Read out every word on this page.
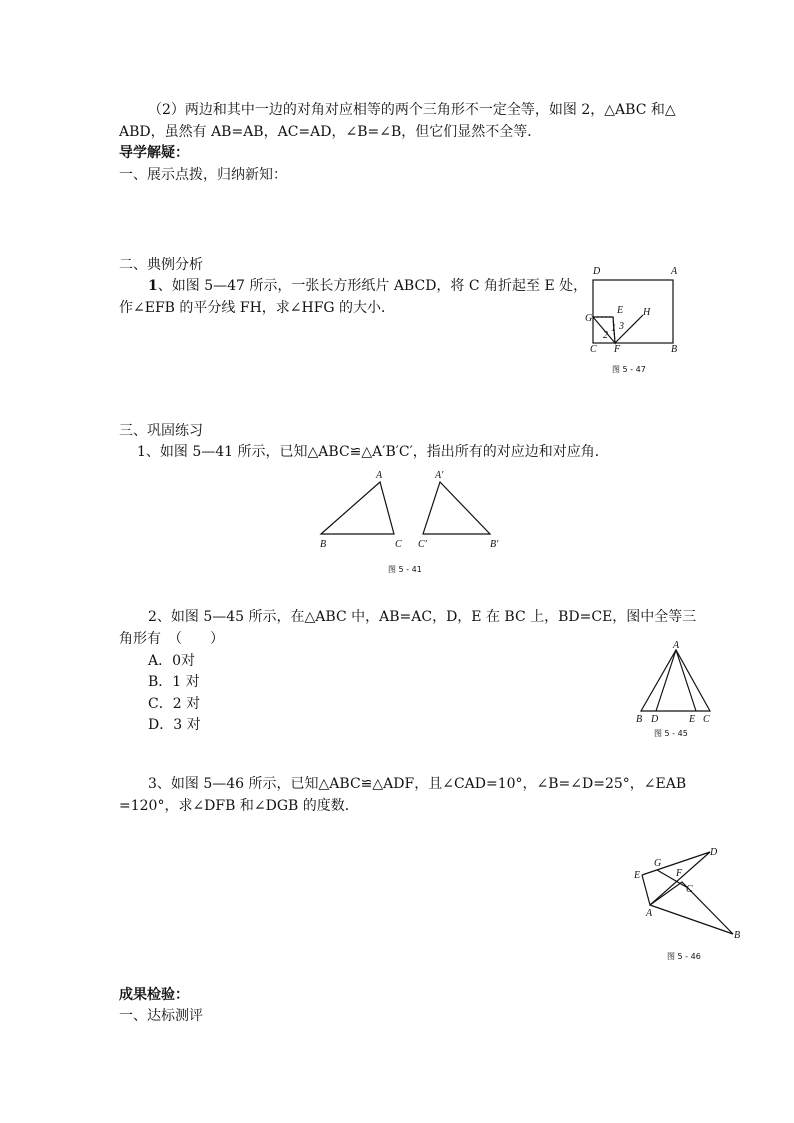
（2）两边和其中一边的对角对应相等的两个三角形不一定全等，如图 2，△ABC 和△
ABD，虽然有 AB=AB，AC=AD，∠B=∠B，但它们显然不全等．
导学解疑：
一、展示点拨，归纳新知：
二、典例分析
1、如图 5—47 所示，一张长方形纸片 ABCD，将 C 角折起至 E 处，
作∠EFB 的平分线 FH，求∠HFG 的大小．
D	A
E H
G
1
2
3
C F	B
图 5 - 47
三、巩固练习
1、如图 5—41 所示，已知△ABC≌△A′B′C′，指出所有的对应边和对应角．
A
B	C
A′
C′	B′
图 5 - 41
2、如图 5—45 所示，在△ABC 中，AB=AC，D，E 在 BC 上，BD=CE，图中全等三
角形有　（　　）
A．0对
B．1 对
C．2 对
D．3 对
A
B D	E C
图 5 - 45
3、如图 5—46 所示，已知△ABC≌△ADF，且∠CAD=10°，∠B=∠D=25°，∠EAB
=120°，求∠DFB 和∠DGB 的度数．
G
D
E	F
C
A
B
图 5 - 46
成果检验：
一、达标测评
